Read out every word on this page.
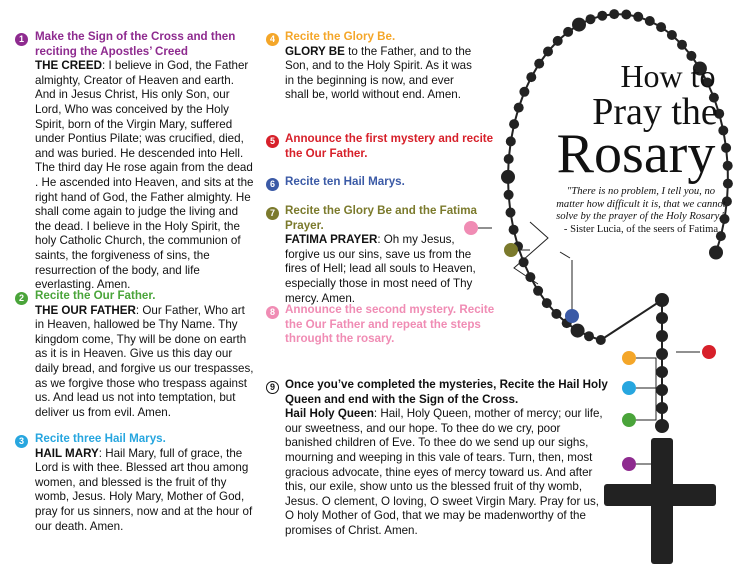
How to
Pray the
Rosary
"There is no problem, I tell you, no matter how difficult it is, that we cannot solve by the prayer of the Holy Rosary." - Sister Lucia, of the seers of Fatima
1 Make the Sign of the Cross and then reciting the Apostles’ Creed
THE CREED: I believe in God, the Father almighty, Creator of Heaven and earth. And in Jesus Christ, His only Son, our Lord, Who was conceived by the Holy Spirit, born of the Virgin Mary, suffered under Pontius Pilate; was crucified, died, and was buried. He descended into Hell. The third day He rose again from the dead . He ascended into Heaven, and sits at the right hand of God, the Father almighty. He shall come again to judge the living and the dead. I believe in the Holy Spirit, the holy Catholic Church, the communion of saints, the forgiveness of sins, the resurrection of the body, and life everlasting. Amen.
2 Recite the Our Father.
THE OUR FATHER: Our Father, Who art in Heaven, hallowed be Thy Name. Thy kingdom come, Thy will be done on earth as it is in Heaven. Give us this day our daily bread, and forgive us our trespasses, as we forgive those who trespass against us. And lead us not into temptation, but deliver us from evil. Amen.
3 Recite three Hail Marys.
HAIL MARY: Hail Mary, full of grace, the Lord is with thee. Blessed art thou among women, and blessed is the fruit of thy womb, Jesus. Holy Mary, Mother of God, pray for us sinners, now and at the hour of our death. Amen.
4 Recite the Glory Be.
GLORY BE to the Father, and to the Son, and to the Holy Spirit. As it was in the beginning is now, and ever shall be, world without end. Amen.
5 Announce the first mystery and recite the Our Father.
6 Recite ten Hail Marys.
7 Recite the Glory Be and the Fatima Prayer.
FATIMA PRAYER: Oh my Jesus, forgive us our sins, save us from the fires of Hell; lead all souls to Heaven, especially those in most need of Thy mercy. Amen.
8 Announce the second mystery. Recite the Our Father and repeat the steps throught the rosary.
9 Once you’ve completed the mysteries, Recite the Hail Holy Queen and end with the Sign of the Cross.
Hail Holy Queen: Hail, Holy Queen, mother of mercy; our life, our sweetness, and our hope. To thee do we cry, poor banished children of Eve. To thee do we send up our sighs, mourning and weeping in this vale of tears. Turn, then, most gracious advocate, thine eyes of mercy toward us. And after this, our exile, show unto us the blessed fruit of thy womb, Jesus. O clement, O loving, O sweet Virgin Mary. Pray for us, O holy Mother of God, that we may be madenworthy of the promises of Christ. Amen.
